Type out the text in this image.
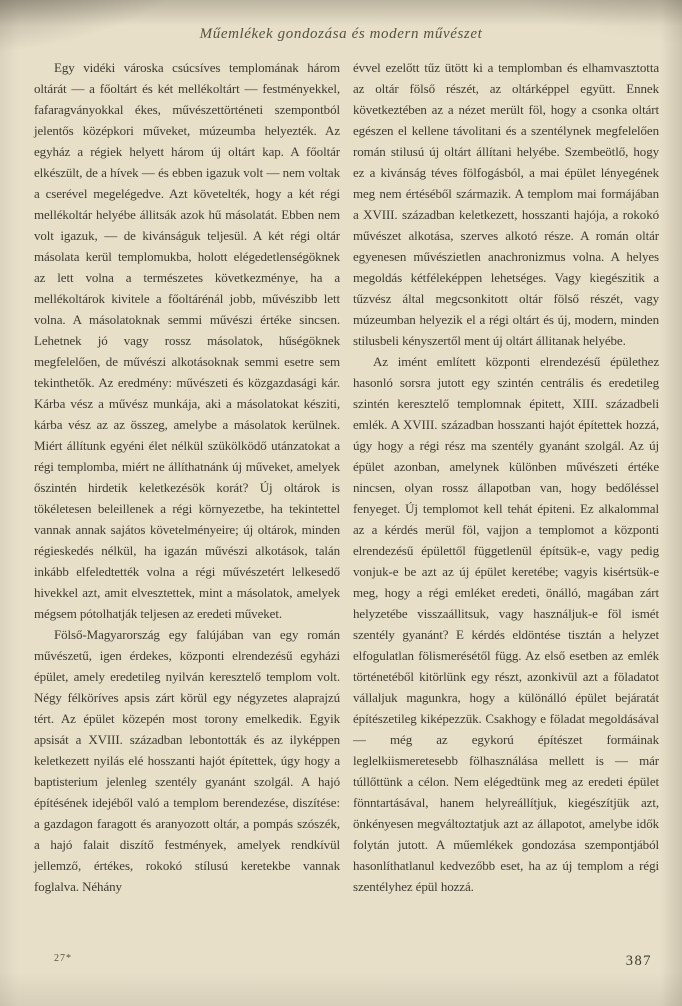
Műemlékek gondozása és modern művészet

Egy vidéki városka csúcsíves templomának három oltárát — a főoltárt és két mellékoltárt — festményekkel, fafaragványokkal ékes, művészettörténeti szempontból jelentős középkori műveket, múzeumba helyezték. Az egyház a régiek helyett három új oltárt kap. A főoltár elkészült, de a hívek — és ebben igazuk volt — nem voltak a cserével megelégedve. Azt követelték, hogy a két régi mellékoltár helyébe állitsák azok hű másolatát. Ebben nem volt igazuk, — de kivánságuk teljesül. A két régi oltár másolata kerül templomukba, holott elégedetlenségöknek az lett volna a természetes következménye, ha a mellékoltárok kivitele a főoltárénál jobb, művészibb lett volna. A másolatoknak semmi művészi értéke sincsen. Lehetnek jó vagy rossz másolatok, hűségöknek megfelelően, de művészi alkotásoknak semmi esetre sem tekinthetők. Az eredmény: művészeti és közgazdasági kár. Kárba vész a művész munkája, aki a másolatokat késziti, kárba vész az az összeg, amelybe a másolatok kerülnek. Miért állítunk egyéni élet nélkül szükölködő utánzatokat a régi templomba, miért ne állíthatnánk új műveket, amelyek őszintén hirdetik keletkezésök korát? Új oltárok is tökéletesen beleillenek a régi környezetbe, ha tekintettel vannak annak sajátos követelményeire; új oltárok, minden régieskedés nélkül, ha igazán művészi alkotások, talán inkább elfeledtették volna a régi művészetért lelkesedő hivekkel azt, amit elvesztettek, mint a másolatok, amelyek mégsem pótolhatják teljesen az eredeti műveket.

Fölső-Magyarország egy falújában van egy román művészetű, igen érdekes, központi elrendezésű egyházi épület, amely eredetileg nyilván keresztelő templom volt. Négy félköríves apsis zárt körül egy négyzetes alaprajzú tért. Az épület közepén most torony emelkedik. Egyik apsisát a XVIII. században lebontották és az ilyképpen keletkezett nyilás elé hosszanti hajót építettek, úgy hogy a baptisterium jelenleg szentély gyanánt szolgál. A hajó építésének idejéből való a templom berendezése, diszítése: a gazdagon faragott és aranyozott oltár, a pompás szószék, a hajó falait diszítő festmények, amelyek rendkívül jellemző, értékes, rokokó stílusú keretekbe vannak foglalva. Néhány

évvel ezelőtt tűz ütött ki a templomban és elhamvasztotta az oltár fölső részét, az oltárképpel együtt. Ennek következtében az a nézet merült föl, hogy a csonka oltárt egészen el kellene távolitani és a szentélynek megfelelően román stilusú új oltárt állítani helyébe. Szembeötlő, hogy ez a kivánság téves fölfogásból, a mai épület lényegének meg nem értéséből származik. A templom mai formájában a XVIII. században keletkezett, hosszanti hajója, a rokokó művészet alkotása, szerves alkotó része. A román oltár egyenesen művészietlen anachronizmus volna. A helyes megoldás kétféleképpen lehetséges. Vagy kiegészitik a tűzvész által megcsonkitott oltár fölső részét, vagy múzeumban helyezik el a régi oltárt és új, modern, minden stilusbeli kényszertől ment új oltárt állitanak helyébe.

Az imént említett központi elrendezésű épülethez hasonló sorsra jutott egy szintén centrális és eredetileg szintén keresztelő templomnak épitett, XIII. századbeli emlék. A XVIII. században hosszanti hajót építettek hozzá, úgy hogy a régi rész ma szentély gyanánt szolgál. Az új épület azonban, amelynek különben művészeti értéke nincsen, olyan rossz állapotban van, hogy bedőléssel fenyeget. Új templomot kell tehát épiteni. Ez alkalommal az a kérdés merül föl, vajjon a templomot a központi elrendezésű épülettől függetlenül építsük-e, vagy pedig vonjuk-e be azt az új épület keretébe; vagyis kisértsük-e meg, hogy a régi emléket eredeti, önálló, magában zárt helyzetébe visszaállitsuk, vagy használjuk-e föl ismét szentély gyanánt? E kérdés eldöntése tisztán a helyzet elfogulatlan fölismerésétől függ. Az első esetben az emlék történetéből kitörlünk egy részt, azonkivül azt a föladatot vállaljuk magunkra, hogy a különálló épület bejáratát építészetileg kiképezzük. Csakhogy e föladat megoldásával — még az egykorú építészet formáinak leglelkiismeretesebb fölhasználása mellett is — már túllőttünk a célon. Nem elégedtünk meg az eredeti épület fönntartásával, hanem helyreállítjuk, kiegészítjük azt, önkényesen megváltoztatjuk azt az állapotot, amelybe idők folytán jutott. A műemlékek gondozása szempontjából hasonlíthatlanul kedvezőbb eset, ha az új templom a régi szentélyhez épül hozzá.

27*	387
